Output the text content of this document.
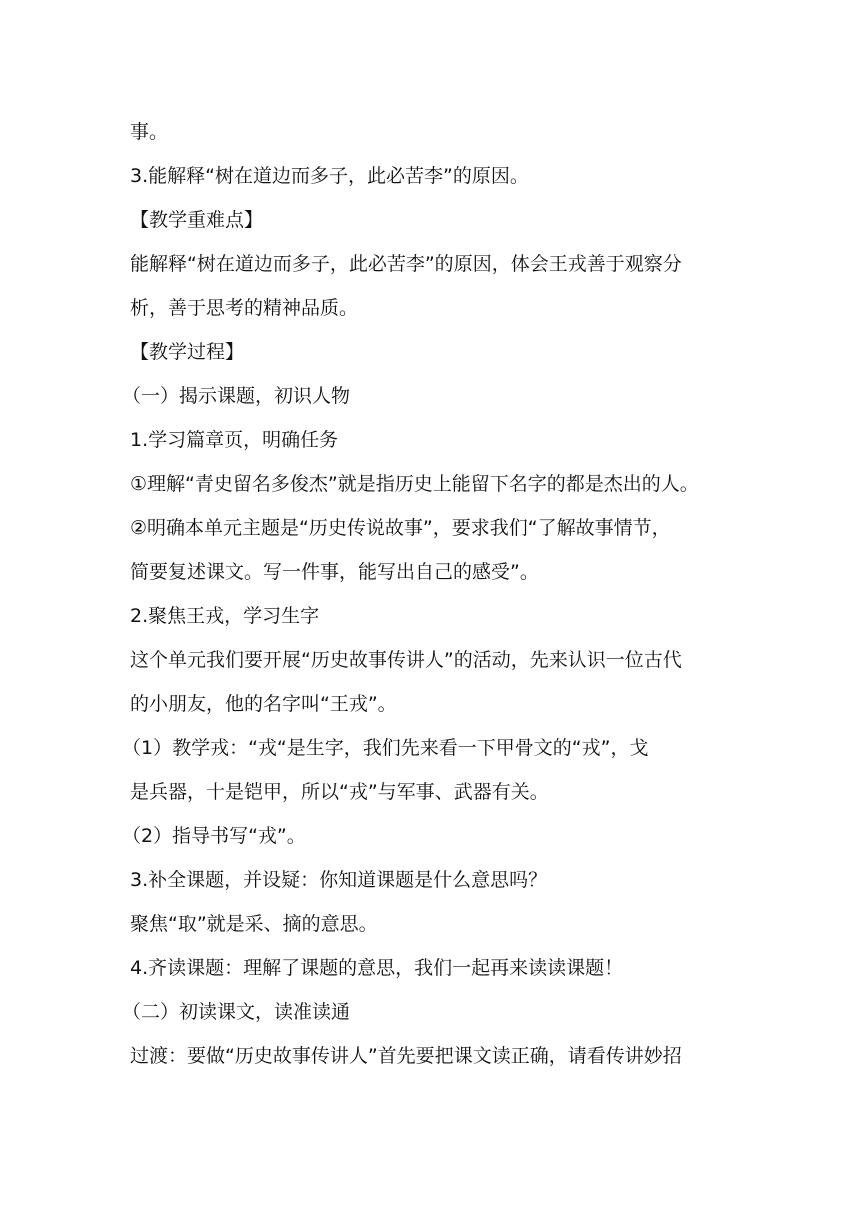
事。

3.能解释“树在道边而多子，此必苦李”的原因。

【教学重难点】

能解释“树在道边而多子，此必苦李”的原因，体会王戎善于观察分

析，善于思考的精神品质。

【教学过程】

（一）揭示课题，初识人物

1.学习篇章页，明确任务

①理解“青史留名多俊杰”就是指历史上能留下名字的都是杰出的人。

②明确本单元主题是“历史传说故事”，要求我们“了解故事情节，

简要复述课文。写一件事，能写出自己的感受”。

2.聚焦王戎，学习生字

这个单元我们要开展“历史故事传讲人”的活动，先来认识一位古代

的小朋友，他的名字叫“王戎”。

（1）教学戎：“戎“是生字，我们先来看一下甲骨文的“戎”，戈

是兵器，十是铠甲，所以“戎”与军事、武器有关。

（2）指导书写“戎”。

3.补全课题，并设疑：你知道课题是什么意思吗？

聚焦“取”就是采、摘的意思。

4.齐读课题：理解了课题的意思，我们一起再来读读课题！

（二）初读课文，读准读通

过渡：要做“历史故事传讲人”首先要把课文读正确，请看传讲妙招
